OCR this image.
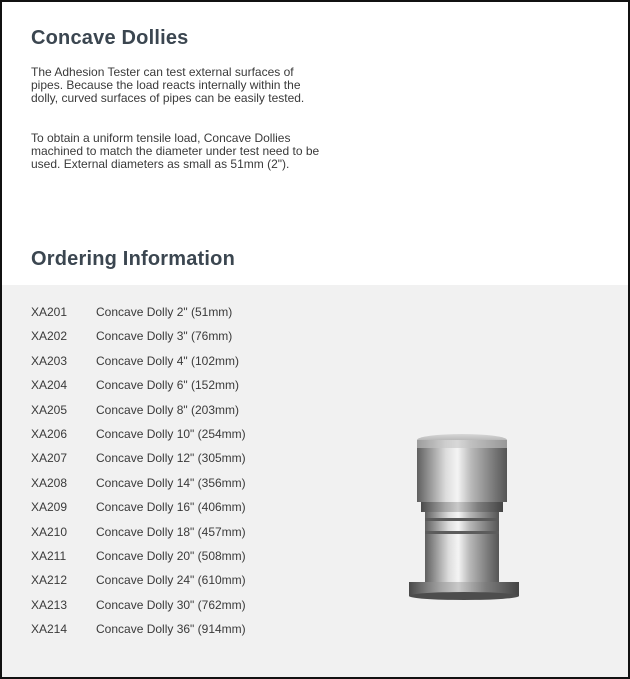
Concave Dollies

The Adhesion Tester can test external surfaces of pipes. Because the load reacts internally within the dolly, curved surfaces of pipes can be easily tested.

To obtain a uniform tensile load, Concave Dollies machined to match the diameter under test need to be used. External diameters as small as 51mm (2").

Ordering Information
XA201	Concave Dolly 2" (51mm)
XA202	Concave Dolly 3" (76mm)
XA203	Concave Dolly 4" (102mm)
XA204	Concave Dolly 6" (152mm)
XA205	Concave Dolly 8" (203mm)
XA206	Concave Dolly 10" (254mm)
XA207	Concave Dolly 12" (305mm)
XA208	Concave Dolly 14" (356mm)
XA209	Concave Dolly 16" (406mm)
XA210	Concave Dolly 18" (457mm)
XA211	Concave Dolly 20" (508mm)
XA212	Concave Dolly 24" (610mm)
XA213	Concave Dolly 30" (762mm)
XA214	Concave Dolly 36" (914mm)
